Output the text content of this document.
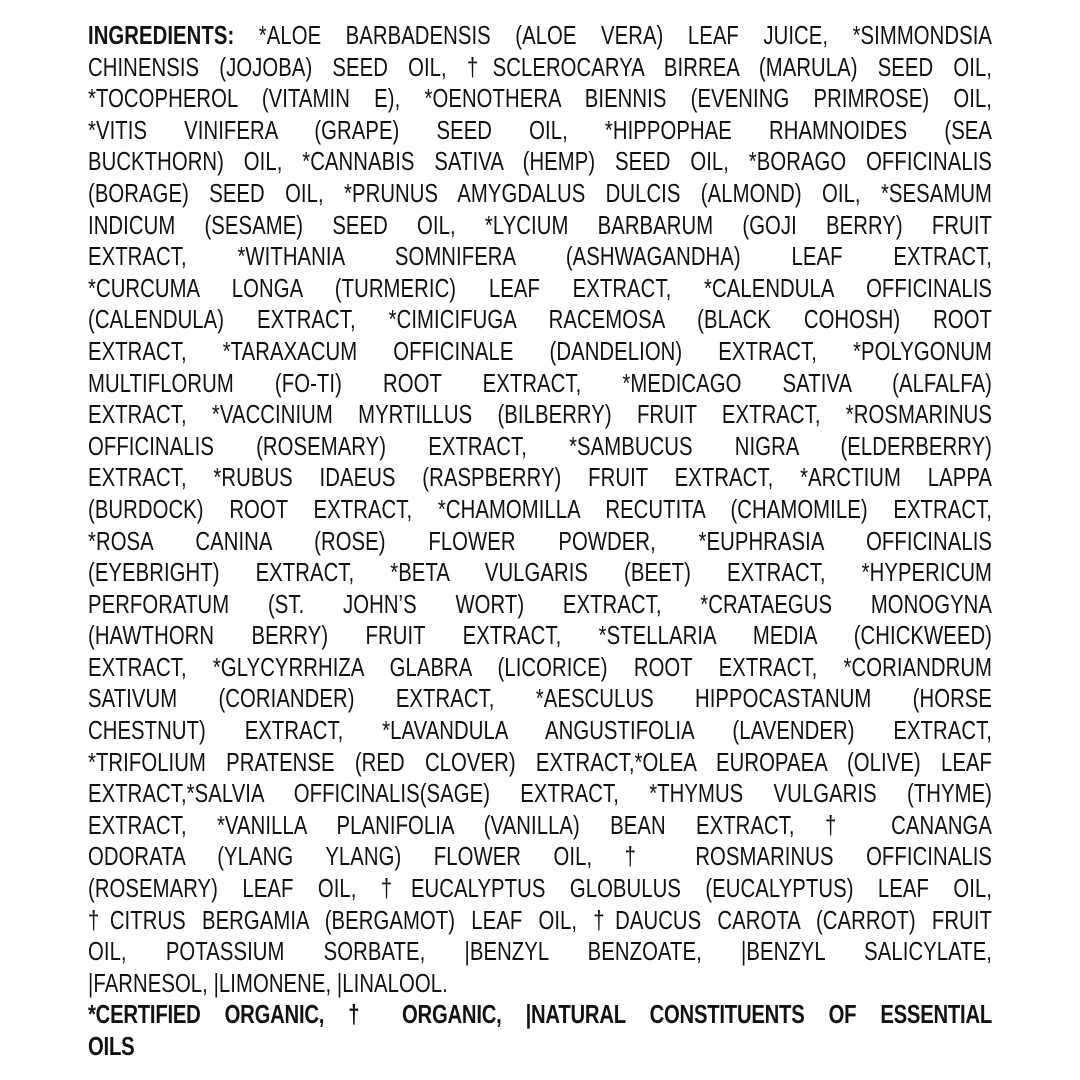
INGREDIENTS: *ALOE BARBADENSIS (ALOE VERA) LEAF JUICE, *SIMMONDSIA
CHINENSIS (JOJOBA) SEED OIL, †SCLEROCARYA BIRREA (MARULA) SEED OIL,
*TOCOPHEROL (VITAMIN E), *OENOTHERA BIENNIS (EVENING PRIMROSE) OIL,
*VITIS VINIFERA (GRAPE) SEED OIL, *HIPPOPHAE RHAMNOIDES (SEA
BUCKTHORN) OIL, *CANNABIS SATIVA (HEMP) SEED OIL, *BORAGO OFFICINALIS
(BORAGE) SEED OIL, *PRUNUS AMYGDALUS DULCIS (ALMOND) OIL, *SESAMUM
INDICUM (SESAME) SEED OIL, *LYCIUM BARBARUM (GOJI BERRY) FRUIT
EXTRACT, *WITHANIA SOMNIFERA (ASHWAGANDHA) LEAF EXTRACT,
*CURCUMA LONGA (TURMERIC) LEAF EXTRACT, *CALENDULA OFFICINALIS
(CALENDULA) EXTRACT, *CIMICIFUGA RACEMOSA (BLACK COHOSH) ROOT
EXTRACT, *TARAXACUM OFFICINALE (DANDELION) EXTRACT, *POLYGONUM
MULTIFLORUM (FO-TI) ROOT EXTRACT, *MEDICAGO SATIVA (ALFALFA)
EXTRACT, *VACCINIUM MYRTILLUS (BILBERRY) FRUIT EXTRACT, *ROSMARINUS
OFFICINALIS (ROSEMARY) EXTRACT, *SAMBUCUS NIGRA (ELDERBERRY)
EXTRACT, *RUBUS IDAEUS (RASPBERRY) FRUIT EXTRACT, *ARCTIUM LAPPA
(BURDOCK) ROOT EXTRACT, *CHAMOMILLA RECUTITA (CHAMOMILE) EXTRACT,
*ROSA CANINA (ROSE) FLOWER POWDER, *EUPHRASIA OFFICINALIS
(EYEBRIGHT) EXTRACT, *BETA VULGARIS (BEET) EXTRACT, *HYPERICUM
PERFORATUM (ST. JOHN’S WORT) EXTRACT, *CRATAEGUS MONOGYNA
(HAWTHORN BERRY) FRUIT EXTRACT, *STELLARIA MEDIA (CHICKWEED)
EXTRACT, *GLYCYRRHIZA GLABRA (LICORICE) ROOT EXTRACT, *CORIANDRUM
SATIVUM (CORIANDER) EXTRACT, *AESCULUS HIPPOCASTANUM (HORSE
CHESTNUT) EXTRACT, *LAVANDULA ANGUSTIFOLIA (LAVENDER) EXTRACT,
*TRIFOLIUM PRATENSE (RED CLOVER) EXTRACT,*OLEA EUROPAEA (OLIVE) LEAF
EXTRACT,*SALVIA OFFICINALIS(SAGE) EXTRACT, *THYMUS VULGARIS (THYME)
EXTRACT, *VANILLA PLANIFOLIA (VANILLA) BEAN EXTRACT, † CANANGA
ODORATA (YLANG YLANG) FLOWER OIL, † ROSMARINUS OFFICINALIS
(ROSEMARY) LEAF OIL, †EUCALYPTUS GLOBULUS (EUCALYPTUS) LEAF OIL,
†CITRUS BERGAMIA (BERGAMOT) LEAF OIL, †DAUCUS CAROTA (CARROT) FRUIT
OIL, POTASSIUM SORBATE, |BENZYL BENZOATE, |BENZYL SALICYLATE,
|FARNESOL, |LIMONENE, |LINALOOL.
*CERTIFIED ORGANIC, † ORGANIC, |NATURAL CONSTITUENTS OF ESSENTIAL
OILS
